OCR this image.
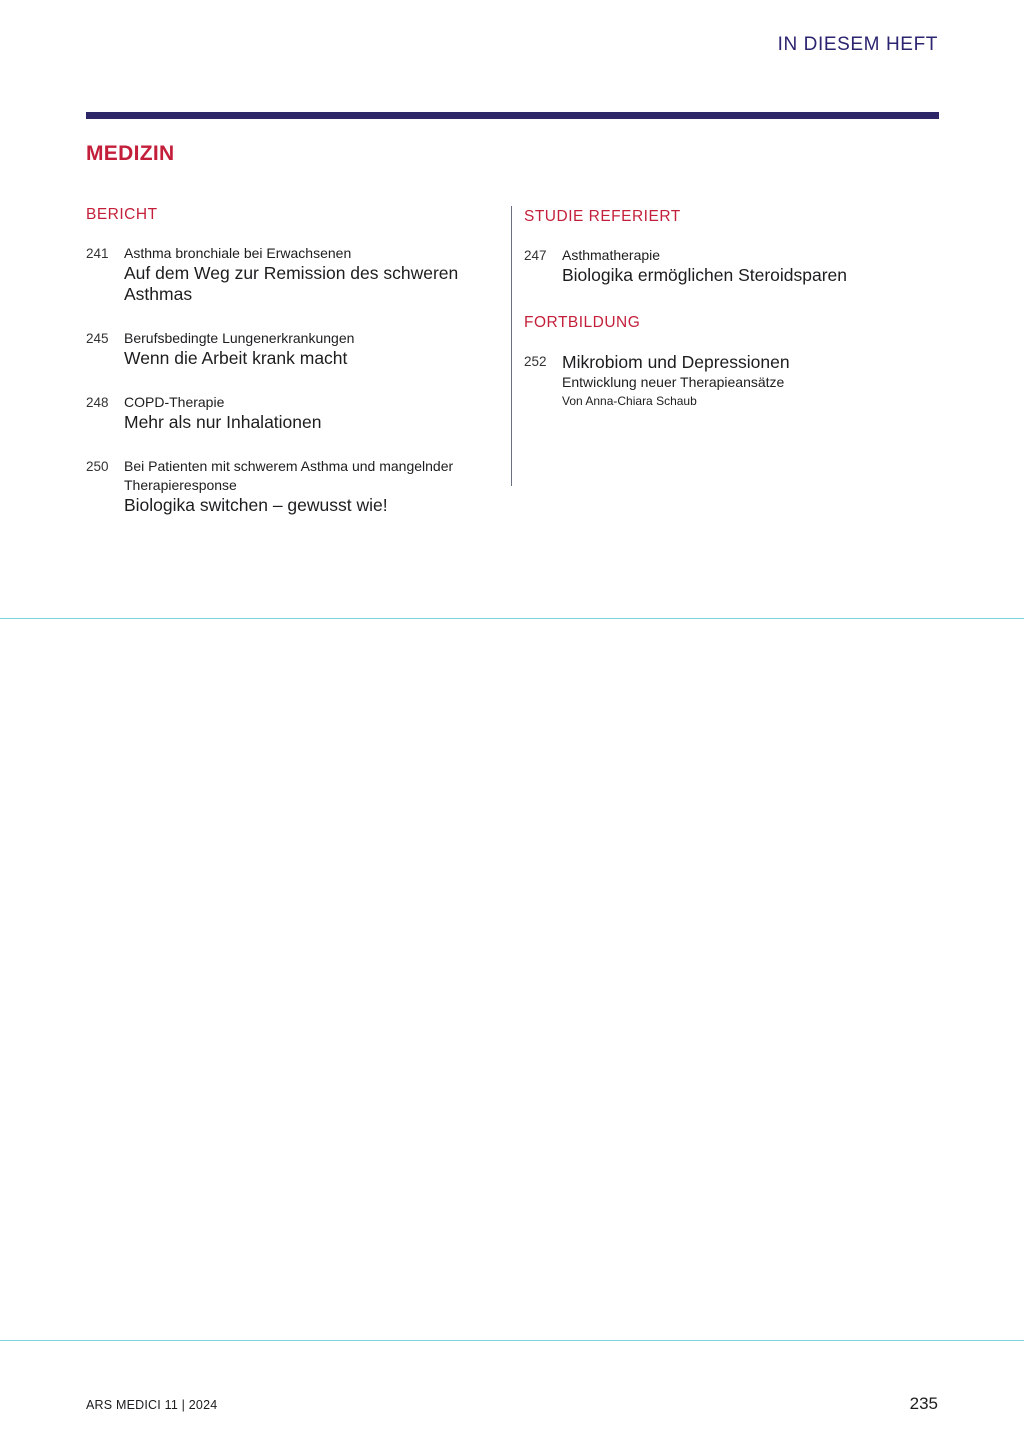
IN DIESEM HEFT
MEDIZIN
BERICHT
241	Asthma bronchiale bei Erwachsenen
Auf dem Weg zur Remission des schweren Asthmas
245	Berufsbedingte Lungenerkrankungen
Wenn die Arbeit krank macht
248	COPD-Therapie
Mehr als nur Inhalationen
250	Bei Patienten mit schwerem Asthma und mangelnder Therapieresponse
Biologika switchen – gewusst wie!
STUDIE REFERIERT
247	Asthmatherapie
Biologika ermöglichen Steroidsparen
FORTBILDUNG
252 Mikrobiom und Depressionen
Entwicklung neuer Therapieansätze
Von Anna-Chiara Schaub
ARS MEDICI 11 | 2024	235
